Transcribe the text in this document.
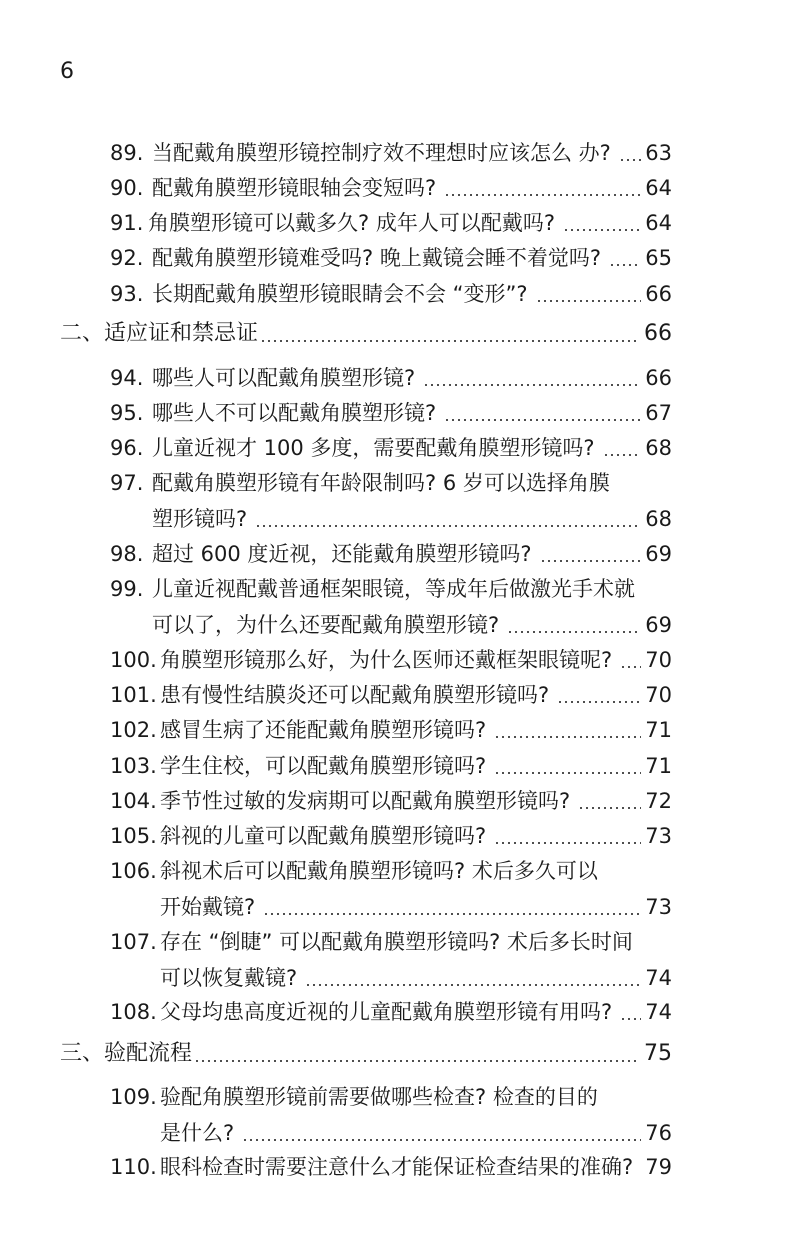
6
89. 当配戴角膜塑形镜控制疗效不理想时应该怎么 办? 63
90. 配戴角膜塑形镜眼轴会变短吗?	64
91. 角膜塑形镜可以戴多久? 成年人可以配戴吗?	64
92. 配戴角膜塑形镜难受吗? 晚上戴镜会睡不着觉吗? 65
93. 长期配戴角膜塑形镜眼睛会不会 “变形”?	66
二、适应证和禁忌证	66
94. 哪些人可以配戴角膜塑形镜?	66
95. 哪些人不可以配戴角膜塑形镜?	67
96. 儿童近视才 100 多度，需要配戴角膜塑形镜吗? 68
97. 配戴角膜塑形镜有年龄限制吗? 6 岁可以选择角膜
塑形镜吗?	68
98. 超过 600 度近视，还能戴角膜塑形镜吗?	69
99. 儿童近视配戴普通框架眼镜，等成年后做激光手术就
可以了，为什么还要配戴角膜塑形镜?	69
100. 角膜塑形镜那么好，为什么医师还戴框架眼镜呢? 70
101. 患有慢性结膜炎还可以配戴角膜塑形镜吗?	70
102. 感冒生病了还能配戴角膜塑形镜吗?	71
103. 学生住校，可以配戴角膜塑形镜吗?	71
104. 季节性过敏的发病期可以配戴角膜塑形镜吗?	72
105. 斜视的儿童可以配戴角膜塑形镜吗?	73
106. 斜视术后可以配戴角膜塑形镜吗? 术后多久可以
开始戴镜?	73
107. 存在 “倒睫” 可以配戴角膜塑形镜吗? 术后多长时间
可以恢复戴镜?	74
108. 父母均患高度近视的儿童配戴角膜塑形镜有用吗? 74
三、验配流程	75
109. 验配角膜塑形镜前需要做哪些检查? 检查的目的
是什么?	76
110. 眼科检查时需要注意什么才能保证检查结果的准确? 79
